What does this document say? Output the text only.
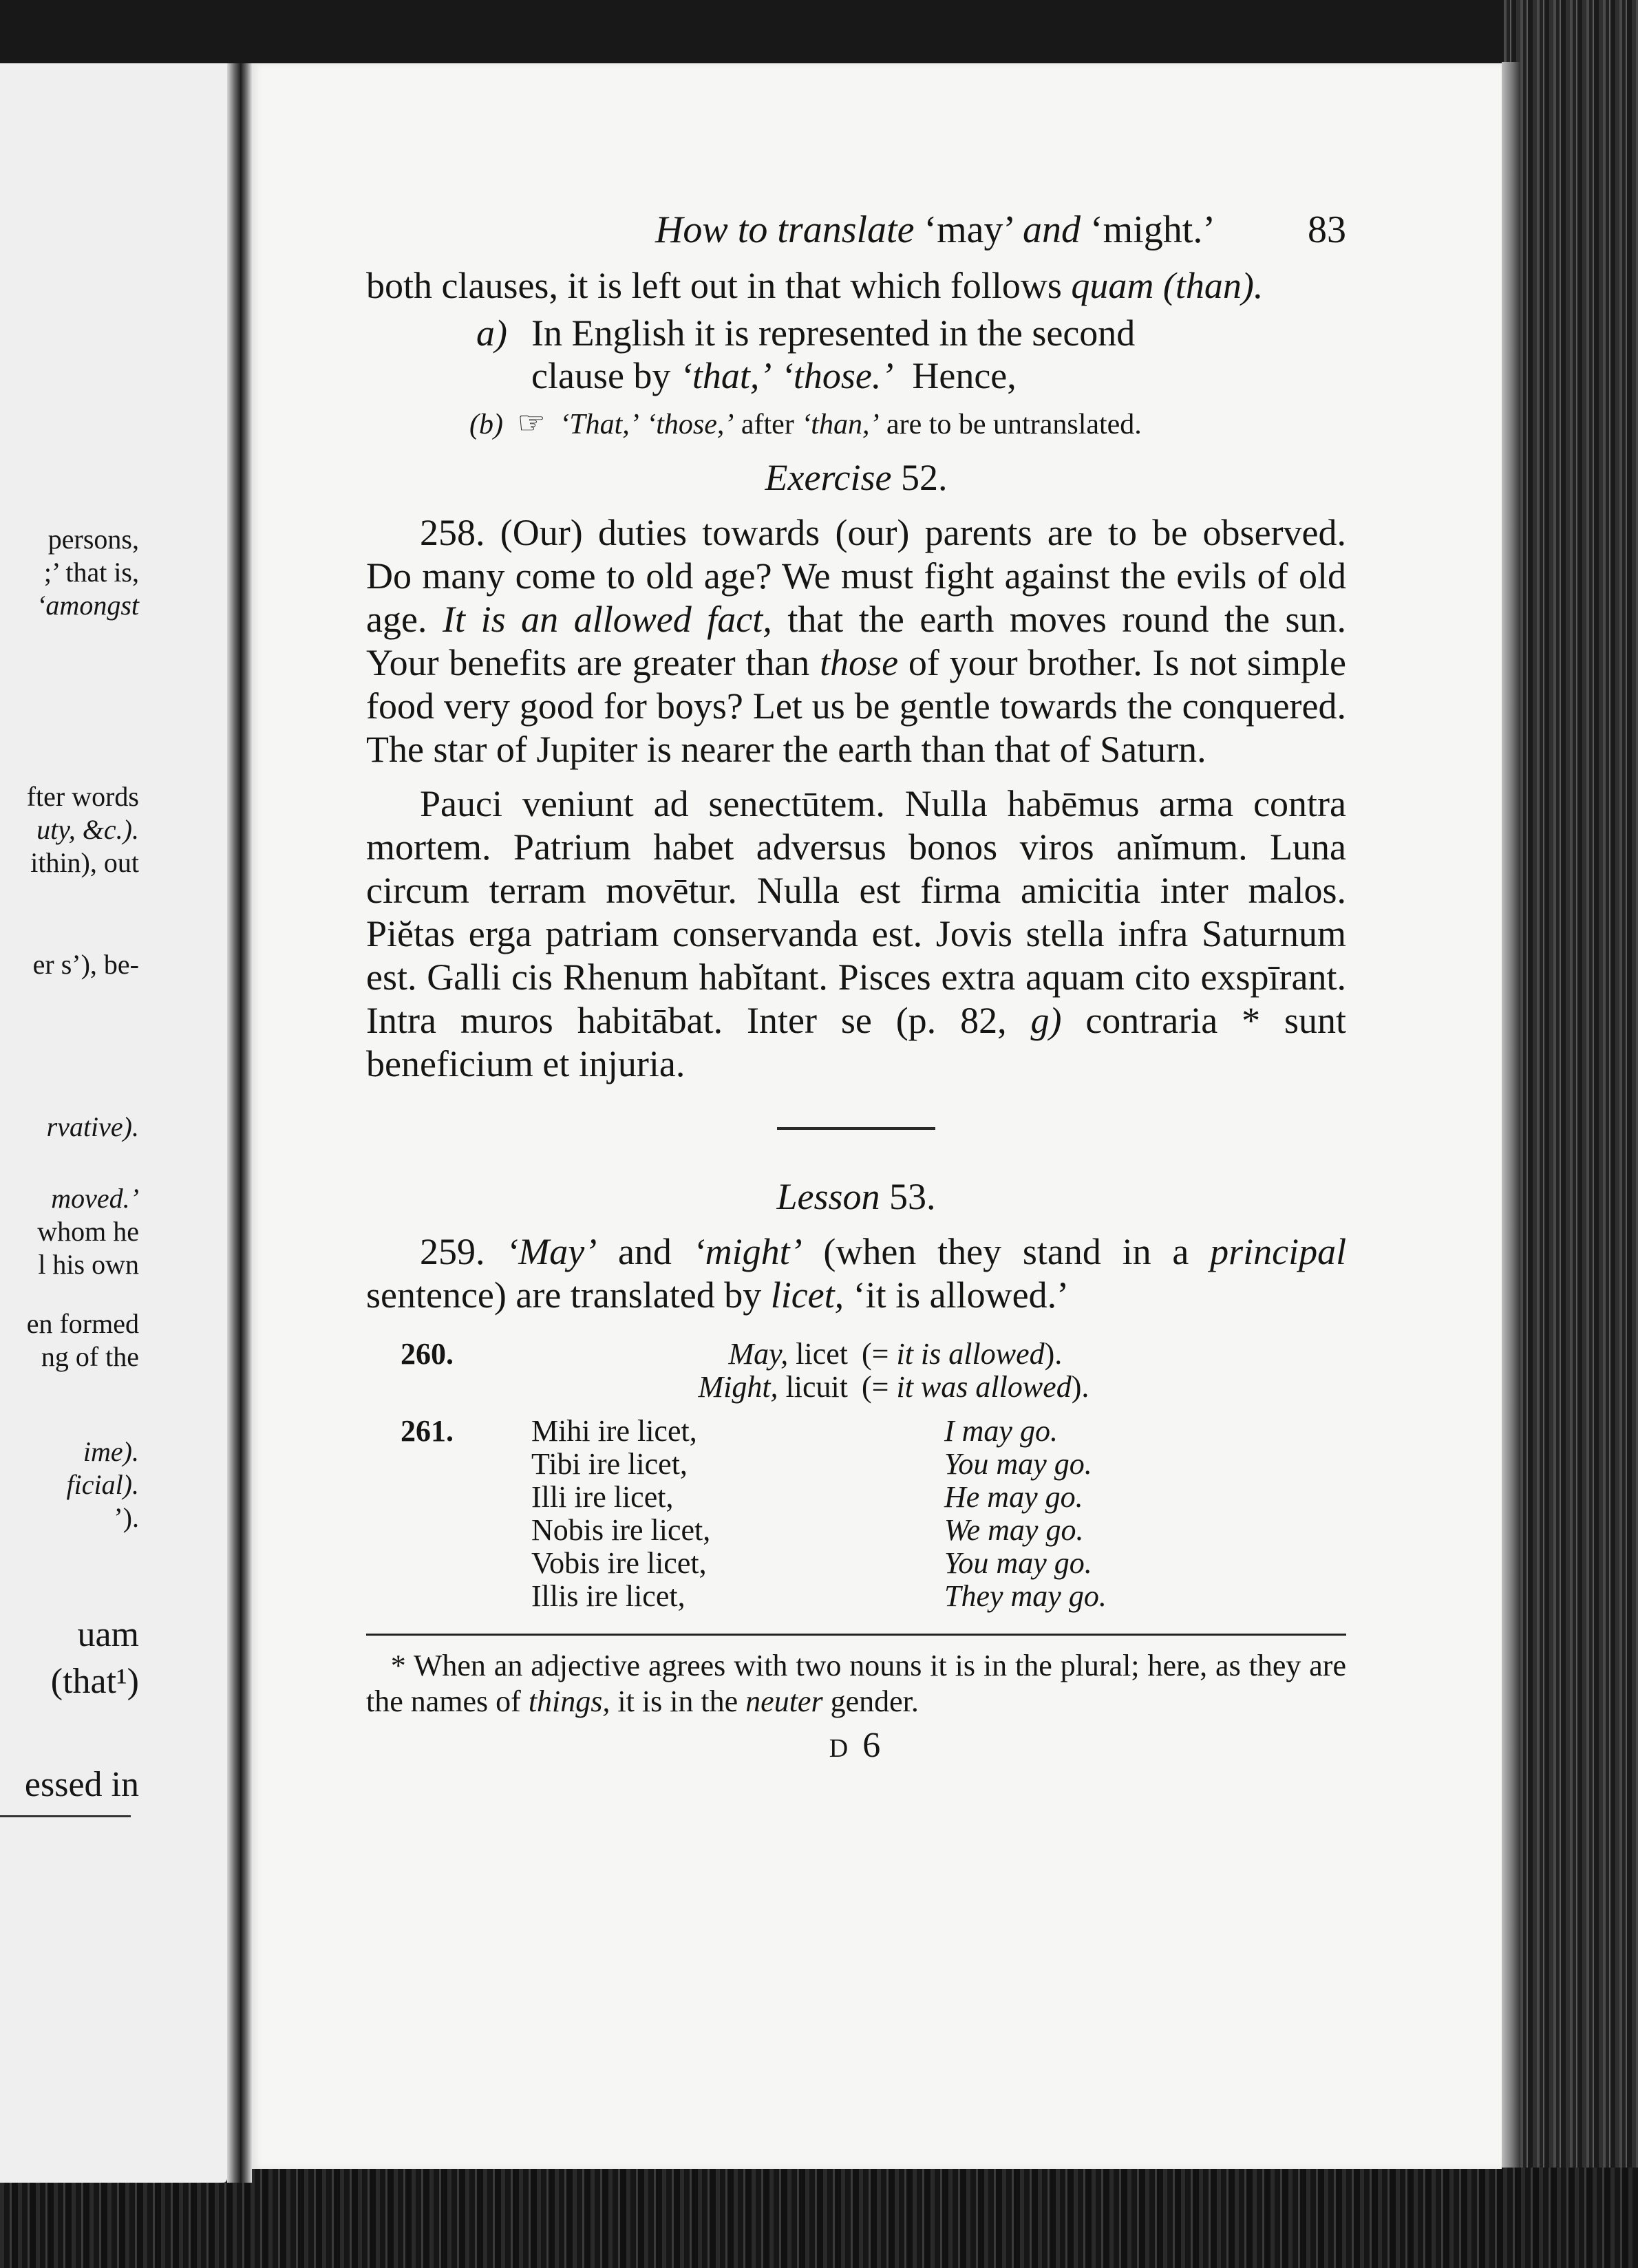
persons,
;’ that is,
‘amongst
fter words
uty, &c.).
ithin), out
er s’), be-
rvative).
moved.’
whom he
l his own
en formed
ng of the
ime).
ficial).
’).
uam
(that¹)
essed in
How to translate ‘may’ and ‘might.’ 83

both clauses, it is left out in that which follows quam (than).

a) In English it is represented in the second

clause by ‘that,’ ‘those.’ Hence,

(b) ☞ ‘That,’ ‘those,’ after ‘than,’ are to be untranslated.
Exercise 52.

258. (Our) duties towards (our) parents are to be observed. Do many come to old age? We must fight against the evils of old age. It is an allowed fact, that the earth moves round the sun. Your benefits are greater than those of your brother. Is not simple food very good for boys? Let us be gentle towards the conquered. The star of Jupiter is nearer the earth than that of Saturn.

Pauci veniunt ad senectūtem. Nulla habēmus arma contra mortem. Patrium habet adversus bonos viros anĭmum. Luna circum terram movētur. Nulla est firma amicitia inter malos. Piĕtas erga patriam conservanda est. Jovis stella infra Saturnum est. Galli cis Rhenum habĭtant. Pisces extra aquam cito exspīrant. Intra muros habitābat. Inter se (p. 82, g) contraria * sunt beneficium et injuria.

Lesson 53.

259. ‘May’ and ‘might’ (when they stand in a principal sentence) are translated by licet, ‘it is allowed.’

260.	May, licet (= it is allowed).
Might, licuit (= it was allowed).
261.	Mihi ire licet,	I may go.
Tibi ire licet,	You may go.
Illi ire licet,	He may go.
Nobis ire licet,	We may go.
Vobis ire licet,	You may go.
Illis ire licet,	They may go.

* When an adjective agrees with two nouns it is in the plural; here, as they are the names of things, it is in the neuter gender.

D 6
